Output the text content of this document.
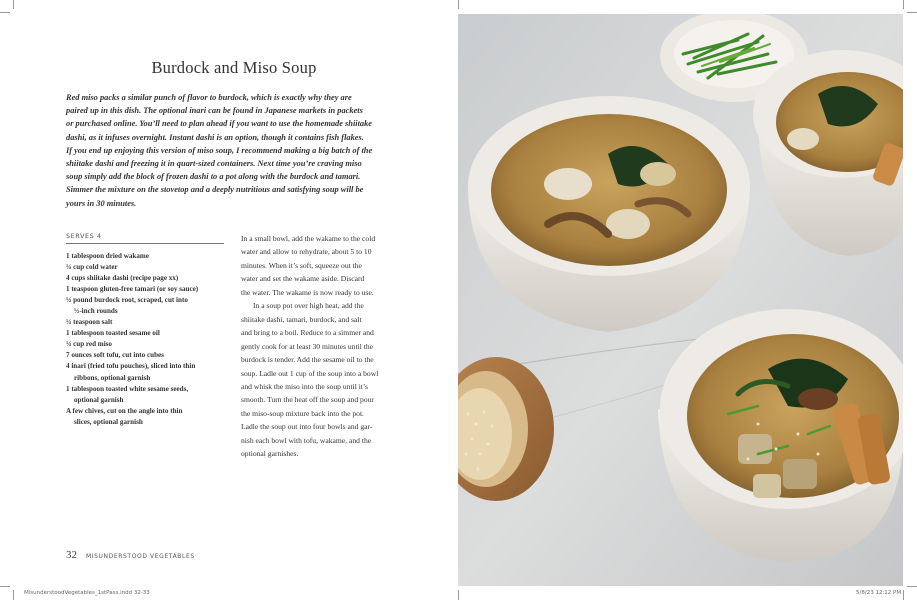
Burdock and Miso Soup
Red miso packs a similar punch of flavor to burdock, which is exactly why they are
paired up in this dish. The optional inari can be found in Japanese markets in packets
or purchased online. You’ll need to plan ahead if you want to use the homemade shiitake
dashi, as it infuses overnight. Instant dashi is an option, though it contains fish flakes.
If you end up enjoying this version of miso soup, I recommend making a big batch of the
shiitake dashi and freezing it in quart-sized containers. Next time you’re craving miso
soup simply add the block of frozen dashi to a pot along with the burdock and tamari.
Simmer the mixture on the stovetop and a deeply nutritious and satisfying soup will be
yours in 30 minutes.
SERVES 4
1 tablespoon dried wakame
¼ cup cold water
4 cups shiitake dashi (recipe page xx)
1 teaspoon gluten-free tamari (or soy sauce)
½ pound burdock root, scraped, cut into
½-inch rounds
¼ teaspoon salt
1 tablespoon toasted sesame oil
¼ cup red miso
7 ounces soft tofu, cut into cubes
4 inari (fried tofu pouches), sliced into thin
ribbons, optional garnish
1 tablespoon toasted white sesame seeds,
optional garnish
A few chives, cut on the angle into thin
slices, optional garnish
In a small bowl, add the wakame to the cold
water and allow to rehydrate, about 5 to 10
minutes. When it’s soft, squeeze out the
water and set the wakame aside. Discard
the water. The wakame is now ready to use.
In a soup pot over high heat, add the
shiitake dashi, tamari, burdock, and salt
and bring to a boil. Reduce to a simmer and
gently cook for at least 30 minutes until the
burdock is tender. Add the sesame oil to the
soup. Ladle out 1 cup of the soup into a bowl
and whisk the miso into the soup until it’s
smooth. Turn the heat off the soup and pour
the miso-soup mixture back into the pot.
Ladle the soup out into four bowls and gar-
nish each bowl with tofu, wakame, and the
optional garnishes.
32 MISUNDERSTOOD VEGETABLES
MisunderstoodVegetables_1stPass.indd 32-33	5/8/23 12:12 PM
